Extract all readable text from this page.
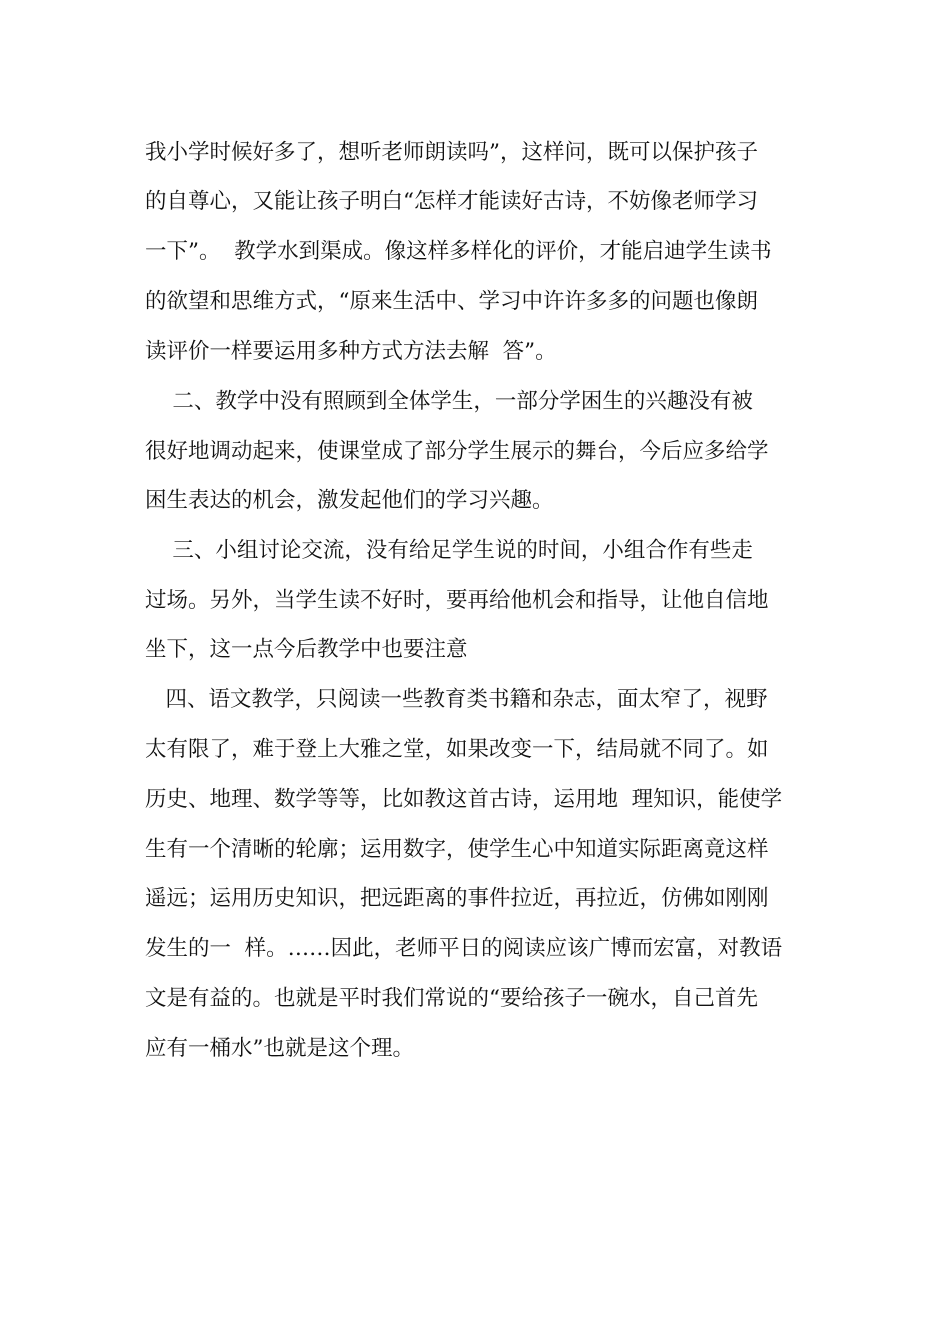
我小学时候好多了，想听老师朗读吗”，这样问，既可以保护孩子
的自尊心，又能让孩子明白“怎样才能读好古诗，不妨像老师学习
一下”。  教学水到渠成。像这样多样化的评价，才能启迪学生读书
的欲望和思维方式，“原来生活中、学习中许许多多的问题也像朗
读评价一样要运用多种方式方法去解  答”。
二、教学中没有照顾到全体学生，一部分学困生的兴趣没有被
很好地调动起来，使课堂成了部分学生展示的舞台，今后应多给学
困生表达的机会，激发起他们的学习兴趣。
三、小组讨论交流，没有给足学生说的时间，小组合作有些走
过场。另外，当学生读不好时，要再给他机会和指导，让他自信地
坐下，这一点今后教学中也要注意
四、语文教学，只阅读一些教育类书籍和杂志，面太窄了，视野
太有限了，难于登上大雅之堂，如果改变一下，结局就不同了。如
历史、地理、数学等等，比如教这首古诗，运用地  理知识，能使学
生有一个清晰的轮廓；运用数字，使学生心中知道实际距离竟这样
遥远；运用历史知识，把远距离的事件拉近，再拉近，仿佛如刚刚
发生的一  样。……因此，老师平日的阅读应该广博而宏富，对教语
文是有益的。也就是平时我们常说的“要给孩子一碗水，自己首先
应有一桶水”也就是这个理。
